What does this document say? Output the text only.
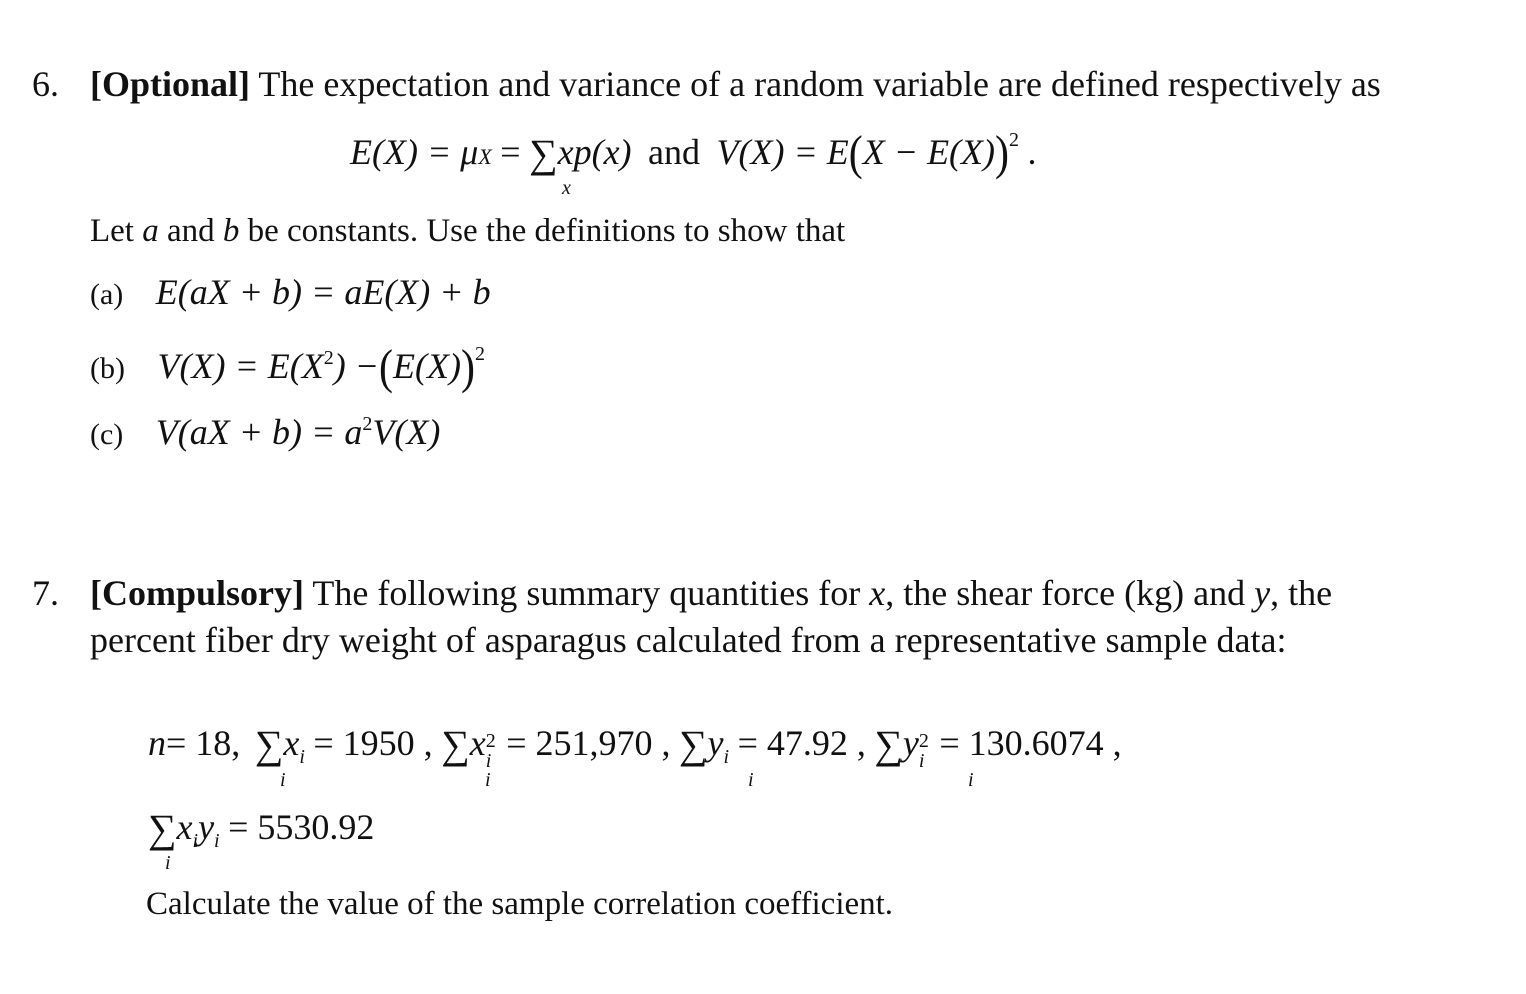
6. [Optional] The expectation and variance of a random variable are defined respectively as
E(X) = μX = ∑xp(x) and $V(X) = E(X - E(X))^2$ .
x
Let a and b be constants. Use the definitions to show that
(a) E(aX + b) = aE(X) + b
(b) $V(X) = E(X^2) -(E(X))^2$
(c) $V(aX + b) = a^2V(X)$
7. [Compulsory] The following summary quantities for x, the shear force (kg) and y, the
percent fiber dry weight of asparagus calculated from a representative sample data:
n= 18, $\sum x_i = 1950$ , ∑x 2
i = 251,970 , $\sum y_i = 47.92$ , ∑y 2
i = 130.6074 ,
i	i	i	i
$\sum x_iy_i = 5530.92$
i
Calculate the value of the sample correlation coefficient.
